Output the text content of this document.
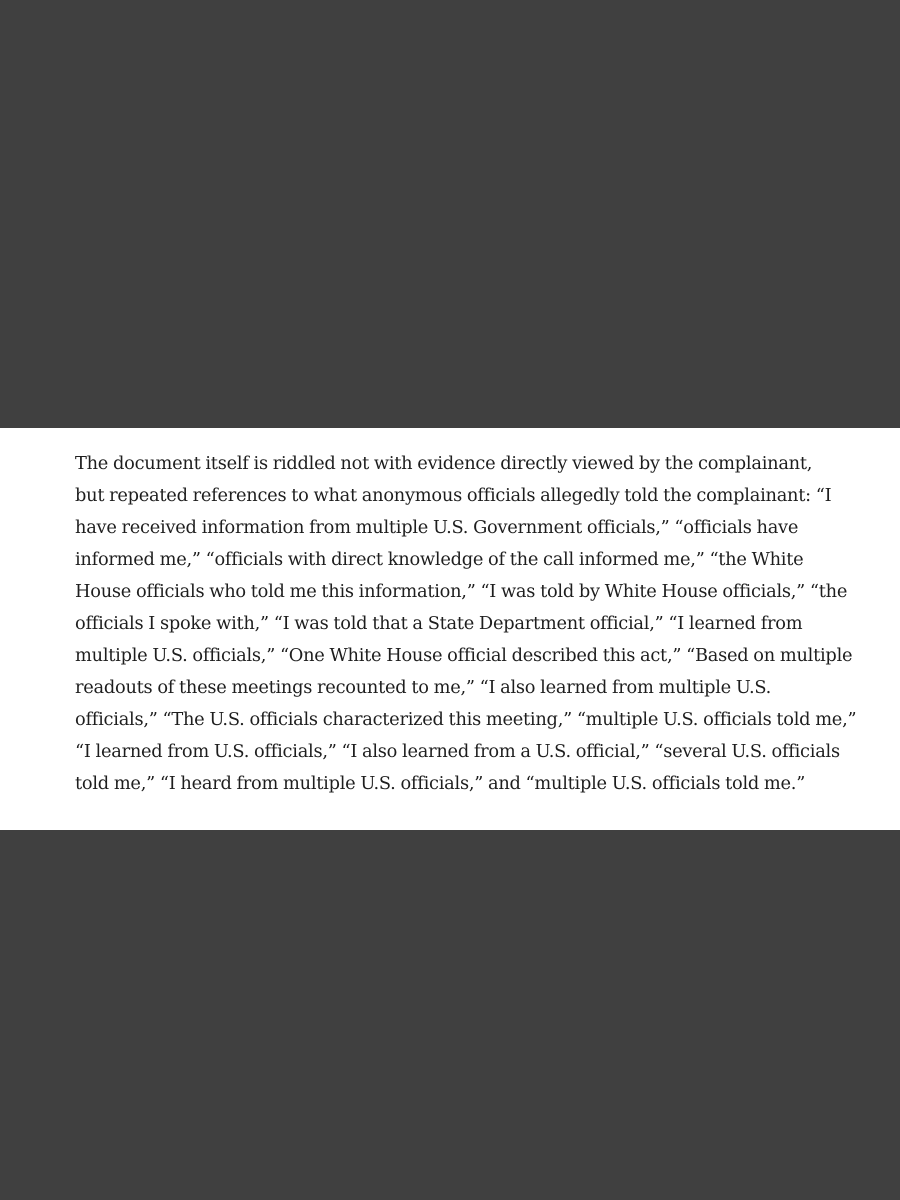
The document itself is riddled not with evidence directly viewed by the complainant,
but repeated references to what anonymous officials allegedly told the complainant: “I
have received information from multiple U.S. Government officials,” “officials have
informed me,” “officials with direct knowledge of the call informed me,” “the White
House officials who told me this information,” “I was told by White House officials,” “the
officials I spoke with,” “I was told that a State Department official,” “I learned from
multiple U.S. officials,” “One White House official described this act,” “Based on multiple
readouts of these meetings recounted to me,” “I also learned from multiple U.S.
officials,” “The U.S. officials characterized this meeting,” “multiple U.S. officials told me,”
“I learned from U.S. officials,” “I also learned from a U.S. official,” “several U.S. officials
told me,” “I heard from multiple U.S. officials,” and “multiple U.S. officials told me.”
